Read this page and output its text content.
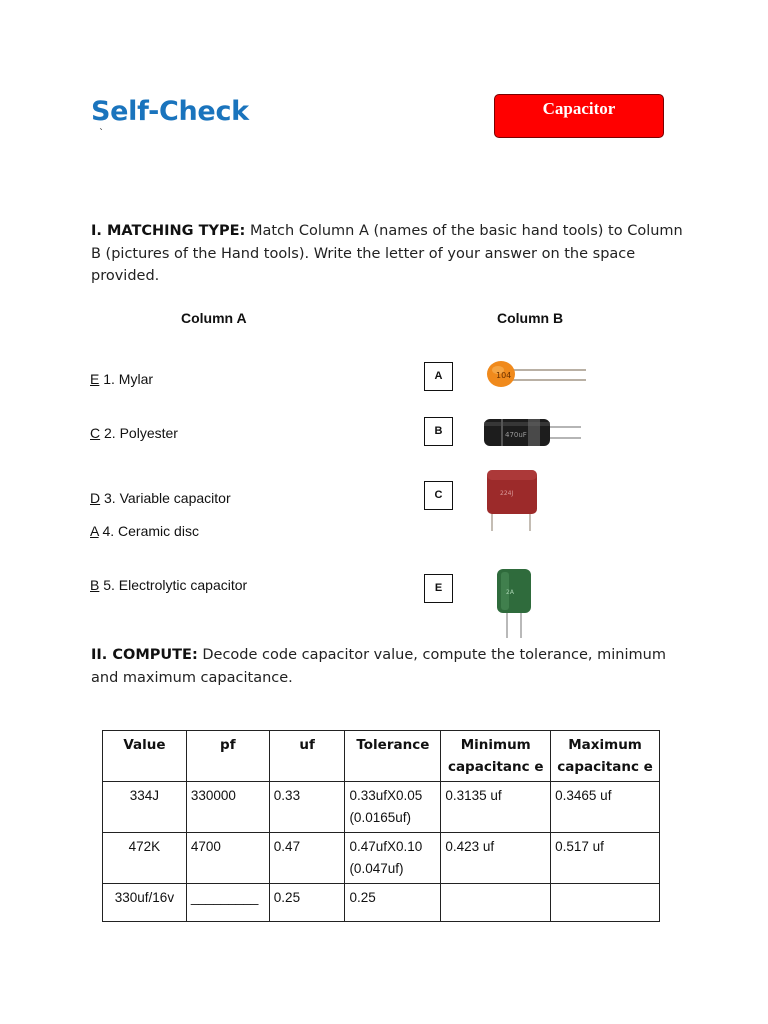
Self-Check
`
Capacitor
I. MATCHING TYPE: Match Column A (names of the basic hand tools) to Column B (pictures of the Hand tools). Write the letter of your answer on the space provided.
Column A	Column B
E 1. Mylar
C 2. Polyester
D 3. Variable capacitor
A 4. Ceramic disc
B 5. Electrolytic capacitor
A
B
C
E
104
470uF
224J
2A
II. COMPUTE: Decode code capacitor value, compute the tolerance, minimum and maximum capacitance.
Value	pf	uf	Tolerance	Minimum capacitanc e	Maximum capacitanc e
334J	330000	0.33	0.33ufX0.05 (0.0165uf)	0.3135 uf	0.3465 uf
472K	4700	0.47	0.47ufX0.10 (0.047uf)	0.423 uf	0.517 uf
330uf/16v	_________	0.25	0.25		
